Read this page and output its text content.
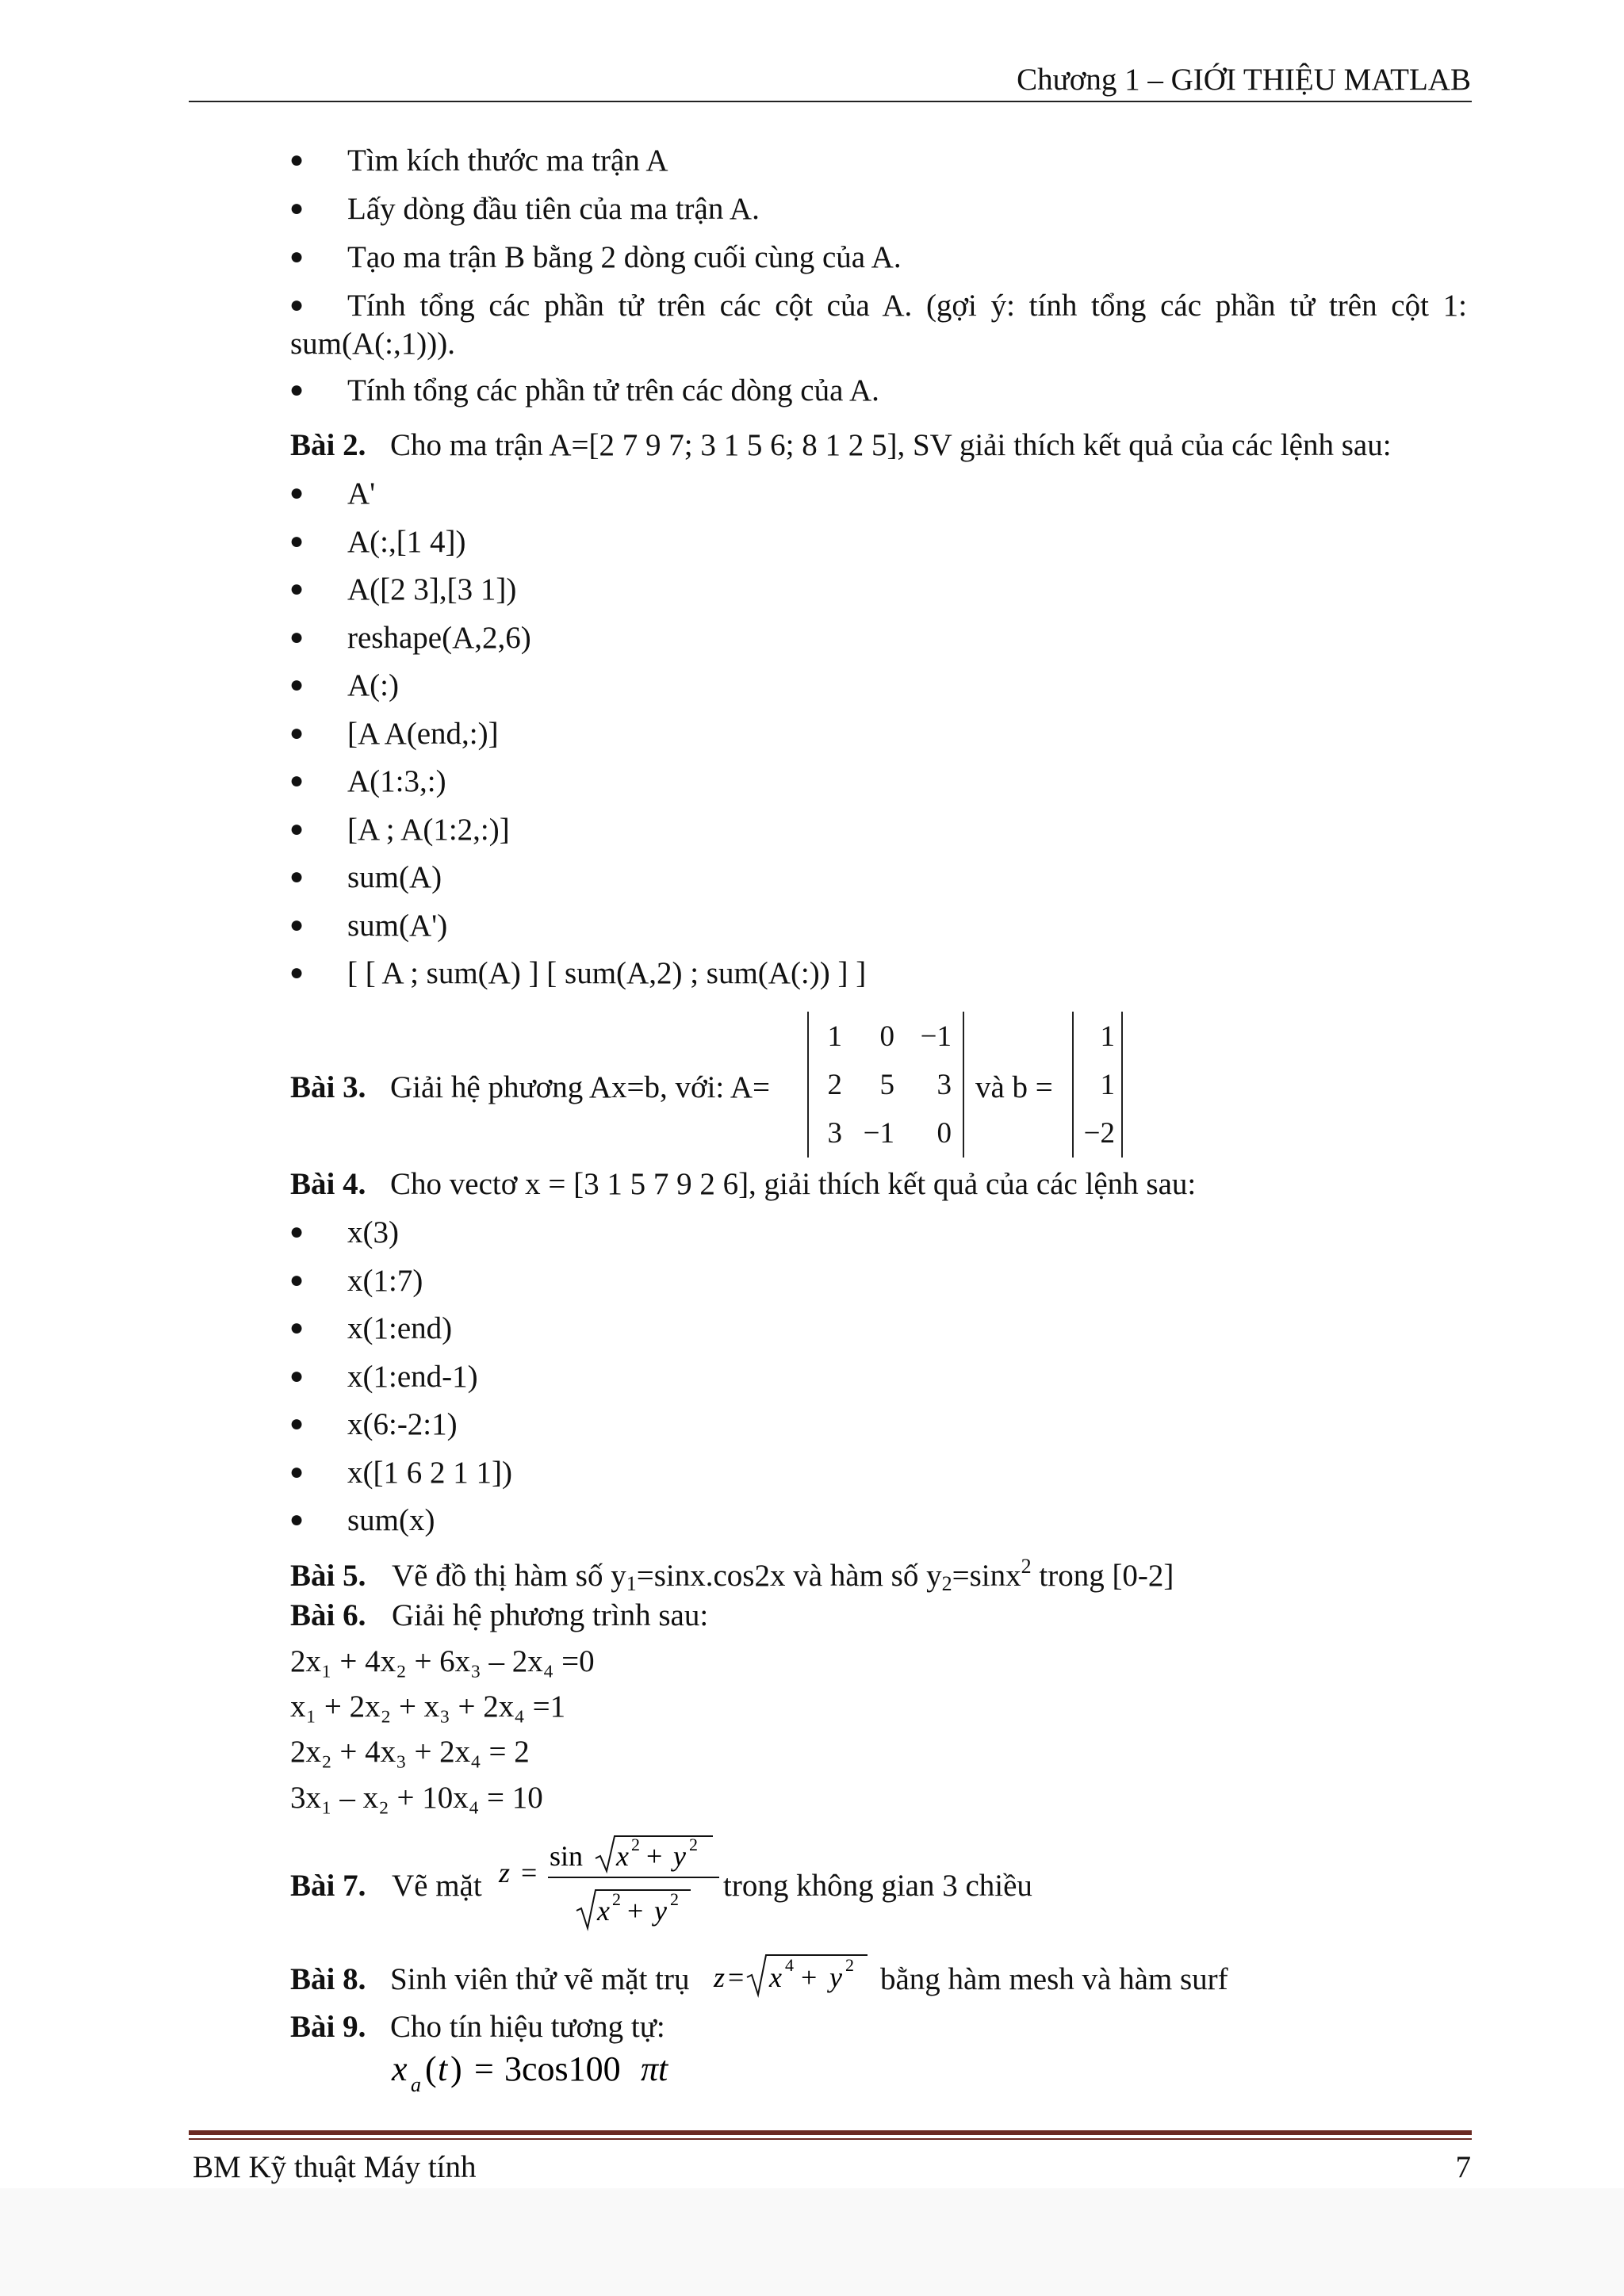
Chương 1 – GIỚI THIỆU MATLAB
● Tìm kích thước ma trận A
● Lấy dòng đầu tiên của ma trận A.
● Tạo ma trận B bằng 2 dòng cuối cùng của A.
● Tính tổng các phần tử trên các cột của A. (gợi ý: tính tổng các phần tử trên cột 1:
sum(A(:,1))).
● Tính tổng các phần tử trên các dòng của A.
Bài 2. Cho ma trận A=[2 7 9 7; 3 1 5 6; 8 1 2 5], SV giải thích kết quả của các lệnh sau:
● A'
● A(:,[1 4])
● A([2 3],[3 1])
● reshape(A,2,6)
● A(:)
● [A A(end,:)]
● A(1:3,:)
● [A ; A(1:2,:)]
● sum(A)
● sum(A')
● [ [ A ; sum(A) ] [ sum(A,2) ; sum(A(:)) ] ]
Bài 3. Giải hệ phương Ax=b, với: A=
1	0 −1
2	5	3
3 −1	0
và b =
1
1
−2
Bài 4. Cho vectơ x = [3 1 5 7 9 2 6], giải thích kết quả của các lệnh sau:
● x(3)
● x(1:7)
● x(1:end)
● x(1:end-1)
● x(6:-2:1)
● x([1 6 2 1 1])
● sum(x)
Bài 5. Vẽ đồ thị hàm số $y_1=\sin x.\cos 2x$ và hàm số $y_2=\sin x^2$ trong [0-2]
Bài 6. Giải hệ phương trình sau:
2x₁ + 4x₂ + 6x₃ – 2x₄ =0
x₁ + 2x₂ + x₃ + 2x₄ =1
2x₂ + 4x₃ + 2x₄ = 2
3x₁ – x₂ + 10x₄ = 10
Bài 7. Vẽ mặt z =
sin x 2 + y 2
x 2 + y 2 trong không gian 3 chiều
Bài 8. Sinh viên thử vẽ mặt trụ z = x 4 + y 2 bằng hàm mesh và hàm surf
Bài 9. Cho tín hiệu tương tự:
x a ( t ) = 3cos100 πt
BM Kỹ thuật Máy tính	7
